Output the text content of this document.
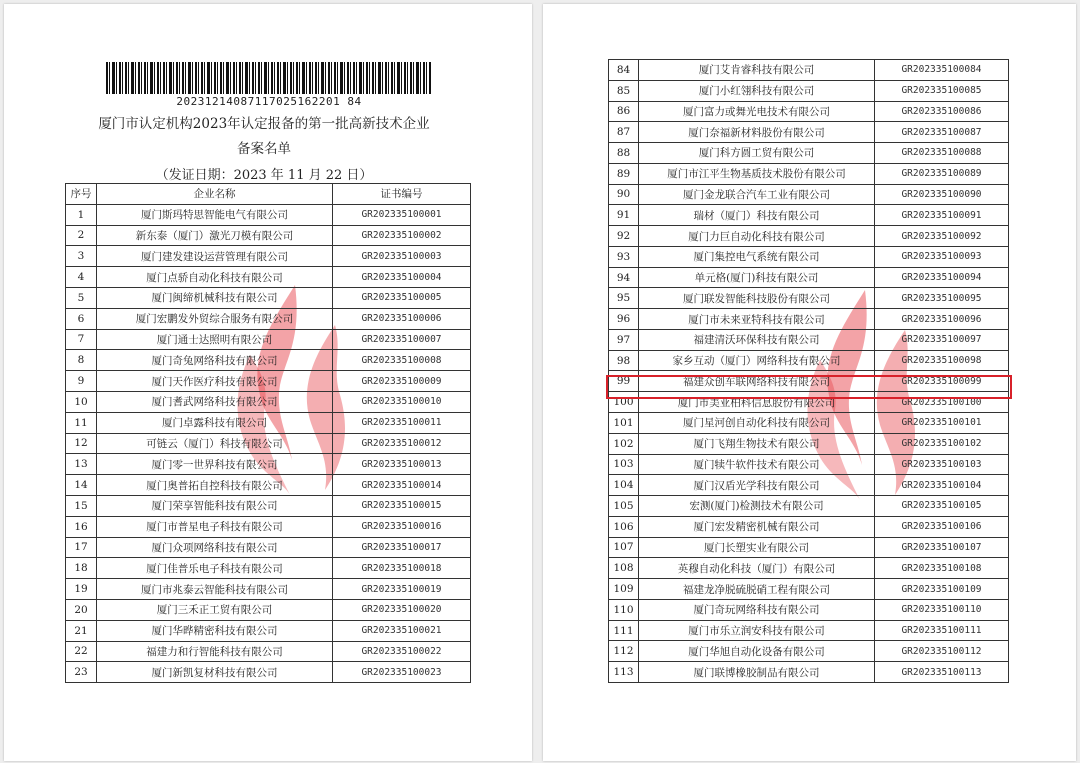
20231214087117025162201 84
厦门市认定机构2023年认定报备的第一批高新技术企业
备案名单
（发证日期：2023 年 11 月 22 日）
序号	企业名称	证书编号
1	厦门斯玛特思智能电气有限公司	GR202335100001
2	新东泰（厦门）激光刀模有限公司	GR202335100002
3	厦门建发建设运营管理有限公司	GR202335100003
4	厦门点骄自动化科技有限公司	GR202335100004
5	厦门闽缔机械科技有限公司	GR202335100005
6	厦门宏鹏发外贸综合服务有限公司	GR202335100006
7	厦门通士达照明有限公司	GR202335100007
8	厦门奇兔网络科技有限公司	GR202335100008
9	厦门天作医疗科技有限公司	GR202335100009
10	厦门耆武网络科技有限公司	GR202335100010
11	厦门卓露科技有限公司	GR202335100011
12	可链云（厦门）科技有限公司	GR202335100012
13	厦门零一世界科技有限公司	GR202335100013
14	厦门奥普拓自控科技有限公司	GR202335100014
15	厦门荣享智能科技有限公司	GR202335100015
16	厦门市普星电子科技有限公司	GR202335100016
17	厦门众项网络科技有限公司	GR202335100017
18	厦门佳普乐电子科技有限公司	GR202335100018
19	厦门市兆泰云智能科技有限公司	GR202335100019
20	厦门三禾正工贸有限公司	GR202335100020
21	厦门华晔精密科技有限公司	GR202335100021
22	福建力和行智能科技有限公司	GR202335100022
23	厦门新凯复材科技有限公司	GR202335100023
84	厦门艾肯睿科技有限公司	GR202335100084
85	厦门小红翎科技有限公司	GR202335100085
86	厦门富力或舞光电技术有限公司	GR202335100086
87	厦门奈福新材料股份有限公司	GR202335100087
88	厦门科方圆工贸有限公司	GR202335100088
89	厦门市江平生物基质技术股份有限公司	GR202335100089
90	厦门金龙联合汽车工业有限公司	GR202335100090
91	瑞材（厦门）科技有限公司	GR202335100091
92	厦门力巨自动化科技有限公司	GR202335100092
93	厦门集控电气系统有限公司	GR202335100093
94	单元格(厦门)科技有限公司	GR202335100094
95	厦门联发智能科技股份有限公司	GR202335100095
96	厦门市未来亚特科技有限公司	GR202335100096
97	福建清沃环保科技有限公司	GR202335100097
98	家乡互动（厦门）网络科技有限公司	GR202335100098
99	福建众创车联网络科技有限公司	GR202335100099
100	厦门市美亚柏科信息股份有限公司	GR202335100100
101	厦门星河创自动化科技有限公司	GR202335100101
102	厦门飞翔生物技术有限公司	GR202335100102
103	厦门犊牛软件技术有限公司	GR202335100103
104	厦门汉盾光学科技有限公司	GR202335100104
105	宏测(厦门)检测技术有限公司	GR202335100105
106	厦门宏发精密机械有限公司	GR202335100106
107	厦门长塑实业有限公司	GR202335100107
108	英穆自动化科技（厦门）有限公司	GR202335100108
109	福建龙净脱硫脱硝工程有限公司	GR202335100109
110	厦门奇玩网络科技有限公司	GR202335100110
111	厦门市乐立润安科技有限公司	GR202335100111
112	厦门华旭自动化设备有限公司	GR202335100112
113	厦门联博橡胶制品有限公司	GR202335100113
